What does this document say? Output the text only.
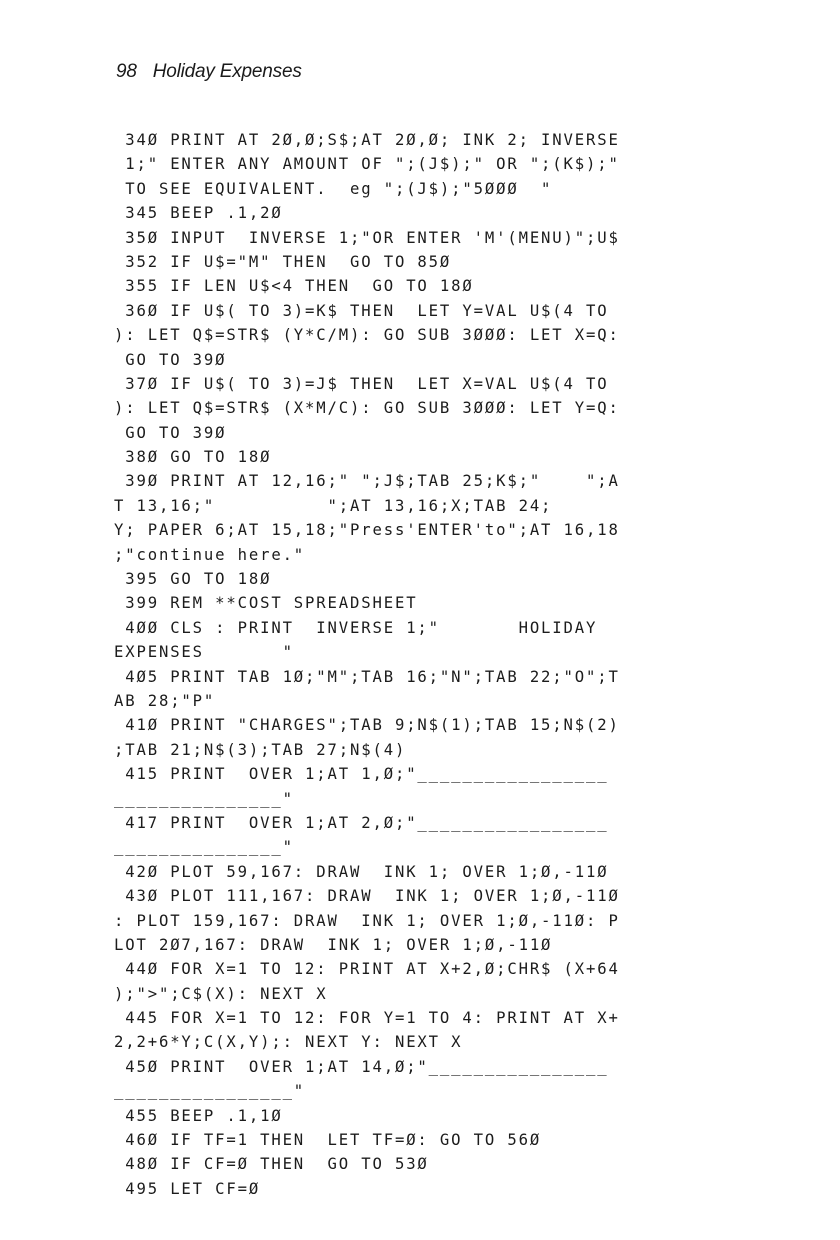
98 Holiday Expenses
34Ø PRINT AT 2Ø,Ø;S$;AT 2Ø,Ø; INK 2; INVERSE
1;" ENTER ANY AMOUNT OF ";(J$);" OR ";(K$);"
TO SEE EQUIVALENT.  eg ";(J$);"5ØØØ  "
345 BEEP .1,2Ø
35Ø INPUT  INVERSE 1;"OR ENTER 'M'(MENU)";U$
352 IF U$="M" THEN  GO TO 85Ø
355 IF LEN U$<4 THEN  GO TO 18Ø
36Ø IF U$( TO 3)=K$ THEN  LET Y=VAL U$(4 TO
): LET Q$=STR$ (Y*C/M): GO SUB 3ØØØ: LET X=Q:
GO TO 39Ø
37Ø IF U$( TO 3)=J$ THEN  LET X=VAL U$(4 TO
): LET Q$=STR$ (X*M/C): GO SUB 3ØØØ: LET Y=Q:
GO TO 39Ø
38Ø GO TO 18Ø
39Ø PRINT AT 12,16;" ";J$;TAB 25;K$;"    ";A
T 13,16;"          ";AT 13,16;X;TAB 24;
Y; PAPER 6;AT 15,18;"Press'ENTER'to";AT 16,18
;"continue here."
395 GO TO 18Ø
399 REM **COST SPREADSHEET
4ØØ CLS : PRINT  INVERSE 1;"       HOLIDAY
EXPENSES       "
4Ø5 PRINT TAB 1Ø;"M";TAB 16;"N";TAB 22;"O";T
AB 28;"P"
41Ø PRINT "CHARGES";TAB 9;N$(1);TAB 15;N$(2)
;TAB 21;N$(3);TAB 27;N$(4)
415 PRINT  OVER 1;AT 1,Ø;"_________________
_______________"
417 PRINT  OVER 1;AT 2,Ø;"_________________
_______________"
42Ø PLOT 59,167: DRAW  INK 1; OVER 1;Ø,-11Ø
43Ø PLOT 111,167: DRAW  INK 1; OVER 1;Ø,-11Ø
: PLOT 159,167: DRAW  INK 1; OVER 1;Ø,-11Ø: P
LOT 2Ø7,167: DRAW  INK 1; OVER 1;Ø,-11Ø
44Ø FOR X=1 TO 12: PRINT AT X+2,Ø;CHR$ (X+64
);">";C$(X): NEXT X
445 FOR X=1 TO 12: FOR Y=1 TO 4: PRINT AT X+
2,2+6*Y;C(X,Y);: NEXT Y: NEXT X
45Ø PRINT  OVER 1;AT 14,Ø;"________________
________________"
455 BEEP .1,1Ø
46Ø IF TF=1 THEN  LET TF=Ø: GO TO 56Ø
48Ø IF CF=Ø THEN  GO TO 53Ø
495 LET CF=Ø
